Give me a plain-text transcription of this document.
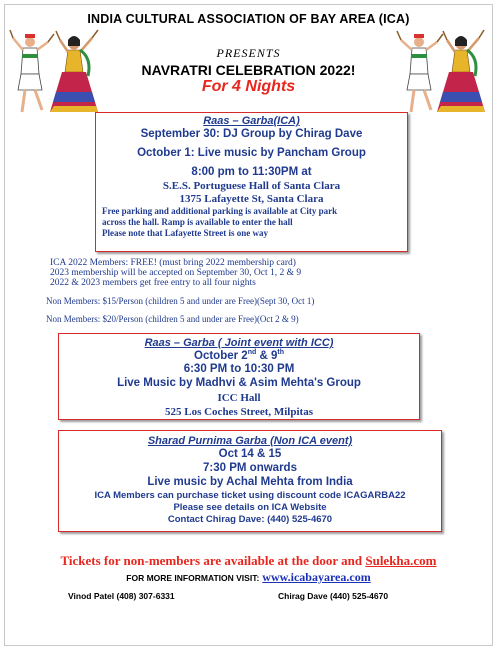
INDIA CULTURAL ASSOCIATION OF BAY AREA (ICA)
PRESENTS
NAVRATRI CELEBRATION 2022!
For 4 Nights
Raas – Garba(ICA)
September 30: DJ Group by Chirag Dave
October 1: Live music by Pancham Group
8:00 pm to 11:30PM at
S.E.S. Portuguese Hall of Santa Clara
1375 Lafayette St, Santa Clara
Free parking and additional parking is available at City park
across the hall. Ramp is available to enter the hall
Please note that Lafayette Street is one way
ICA 2022 Members: FREE! (must bring 2022 membership card)
2023 membership will be accepted on September 30, Oct 1, 2 & 9
2022 & 2023 members get free entry to all four nights
Non Members: $15/Person (children 5 and under are Free)(Sept 30, Oct 1)
Non Members: $20/Person (children 5 and under are Free)(Oct 2 & 9)
Raas – Garba ( Joint event with ICC)
October 2nd & 9th
6:30 PM to 10:30 PM
Live Music by Madhvi & Asim Mehta's Group
ICC Hall
525 Los Coches Street, Milpitas
Sharad Purnima Garba (Non ICA event)
Oct 14 & 15
7:30 PM onwards
Live music by Achal Mehta from India
ICA Members can purchase ticket using discount code ICAGARBA22
Please see details on ICA Website
Contact Chirag Dave: (440) 525-4670
Tickets for non-members are available at the door and Sulekha.com
FOR MORE INFORMATION VISIT: www.icabayarea.com
Vinod Patel (408) 307-6331	Chirag Dave (440) 525-4670
